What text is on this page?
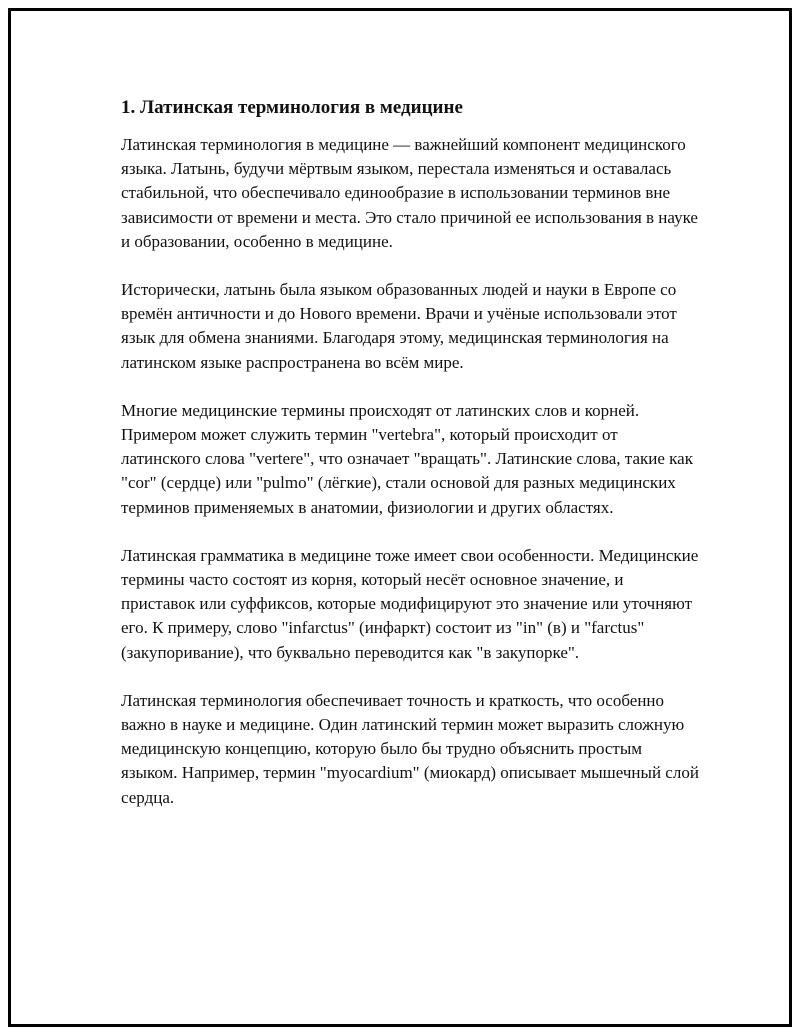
1. Латинская терминология в медицине

Латинская терминология в медицине — важнейший компонент медицинского языка. Латынь, будучи мёртвым языком, перестала изменяться и оставалась стабильной, что обеспечивало единообразие в использовании терминов вне зависимости от времени и места. Это стало причиной ее использования в науке и образовании, особенно в медицине.

Исторически, латынь была языком образованных людей и науки в Европе со времён античности и до Нового времени. Врачи и учёные использовали этот язык для обмена знаниями. Благодаря этому, медицинская терминология на латинском языке распространена во всём мире.

Многие медицинские термины происходят от латинских слов и корней. Примером может служить термин "vertebra", который происходит от латинского слова "vertere", что означает "вращать". Латинские слова, такие как "cor" (сердце) или "pulmo" (лёгкие), стали основой для разных медицинских терминов применяемых в анатомии, физиологии и других областях.

Латинская грамматика в медицине тоже имеет свои особенности. Медицинские термины часто состоят из корня, который несёт основное значение, и приставок или суффиксов, которые модифицируют это значение или уточняют его. К примеру, слово "infarctus" (инфаркт) состоит из "in" (в) и "farctus" (закупоривание), что буквально переводится как "в закупорке".

Латинская терминология обеспечивает точность и краткость, что особенно важно в науке и медицине. Один латинский термин может выразить сложную медицинскую концепцию, которую было бы трудно объяснить простым языком. Например, термин "myocardium" (миокард) описывает мышечный слой сердца.
